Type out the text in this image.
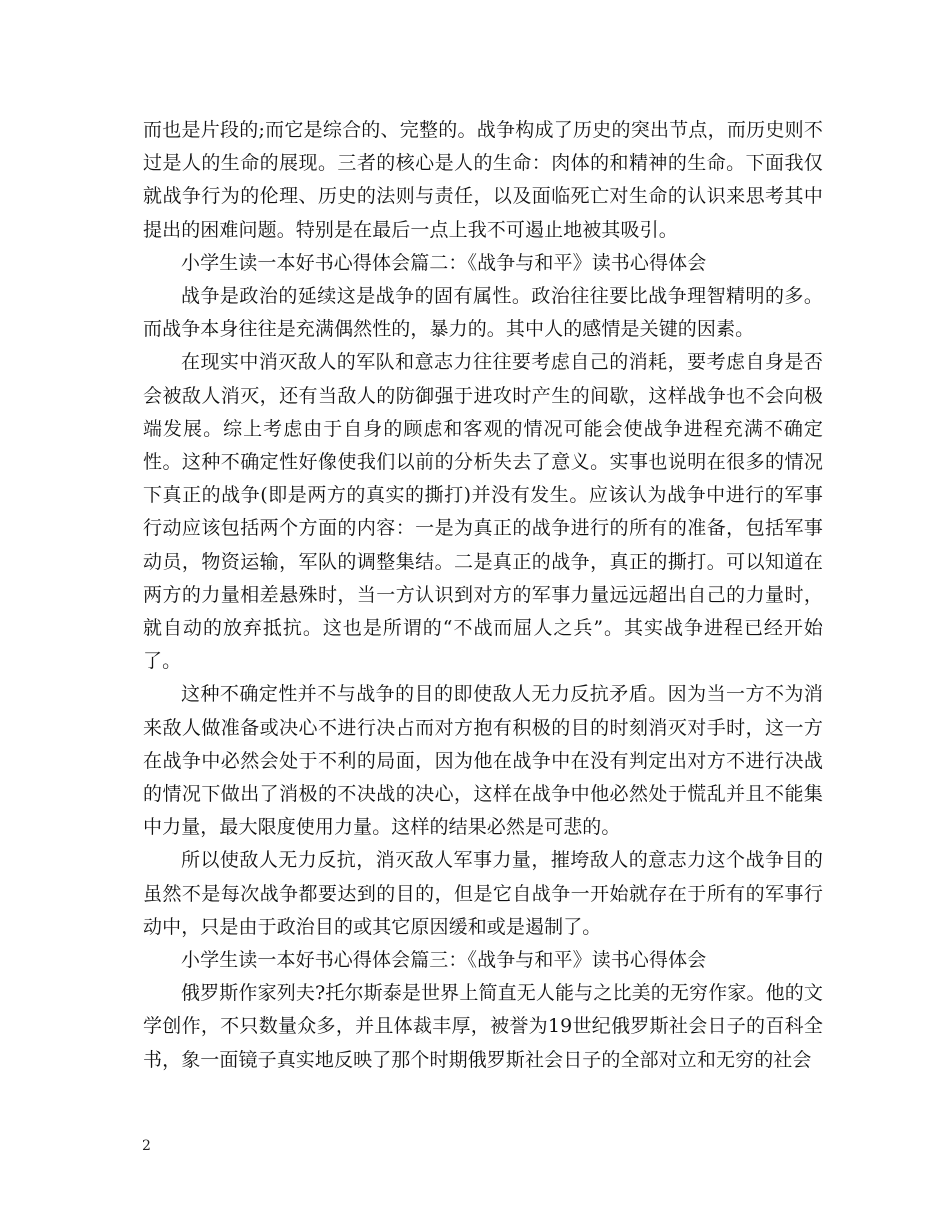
而也是片段的;而它是综合的、完整的。战争构成了历史的突出节点，而历史则不过是人的生命的展现。三者的核心是人的生命：肉体的和精神的生命。下面我仅就战争行为的伦理、历史的法则与责任，以及面临死亡对生命的认识来思考其中提出的困难问题。特别是在最后一点上我不可遏止地被其吸引。

小学生读一本好书心得体会篇二：《战争与和平》读书心得体会

战争是政治的延续这是战争的固有属性。政治往往要比战争理智精明的多。而战争本身往往是充满偶然性的，暴力的。其中人的感情是关键的因素。

在现实中消灭敌人的军队和意志力往往要考虑自己的消耗，要考虑自身是否会被敌人消灭，还有当敌人的防御强于进攻时产生的间歇，这样战争也不会向极端发展。综上考虑由于自身的顾虑和客观的情况可能会使战争进程充满不确定性。这种不确定性好像使我们以前的分析失去了意义。实事也说明在很多的情况下真正的战争(即是两方的真实的撕打)并没有发生。应该认为战争中进行的军事行动应该包括两个方面的内容：一是为真正的战争进行的所有的准备，包括军事动员，物资运输，军队的调整集结。二是真正的战争，真正的撕打。可以知道在两方的力量相差悬殊时，当一方认识到对方的军事力量远远超出自己的力量时，就自动的放弃抵抗。这也是所谓的“不战而屈人之兵”。其实战争进程已经开始了。

这种不确定性并不与战争的目的即使敌人无力反抗矛盾。因为当一方不为消来敌人做准备或决心不进行决占而对方抱有积极的目的时刻消灭对手时，这一方在战争中必然会处于不利的局面，因为他在战争中在没有判定出对方不进行决战的情况下做出了消极的不决战的决心，这样在战争中他必然处于慌乱并且不能集中力量，最大限度使用力量。这样的结果必然是可悲的。

所以使敌人无力反抗，消灭敌人军事力量，摧垮敌人的意志力这个战争目的虽然不是每次战争都要达到的目的，但是它自战争一开始就存在于所有的军事行动中，只是由于政治目的或其它原因缓和或是遏制了。

小学生读一本好书心得体会篇三：《战争与和平》读书心得体会

俄罗斯作家列夫?托尔斯泰是世界上简直无人能与之比美的无穷作家。他的文学创作，不只数量众多，并且体裁丰厚，被誉为19世纪俄罗斯社会日子的百科全书，象一面镜子真实地反映了那个时期俄罗斯社会日子的全部对立和无穷的社会

2
